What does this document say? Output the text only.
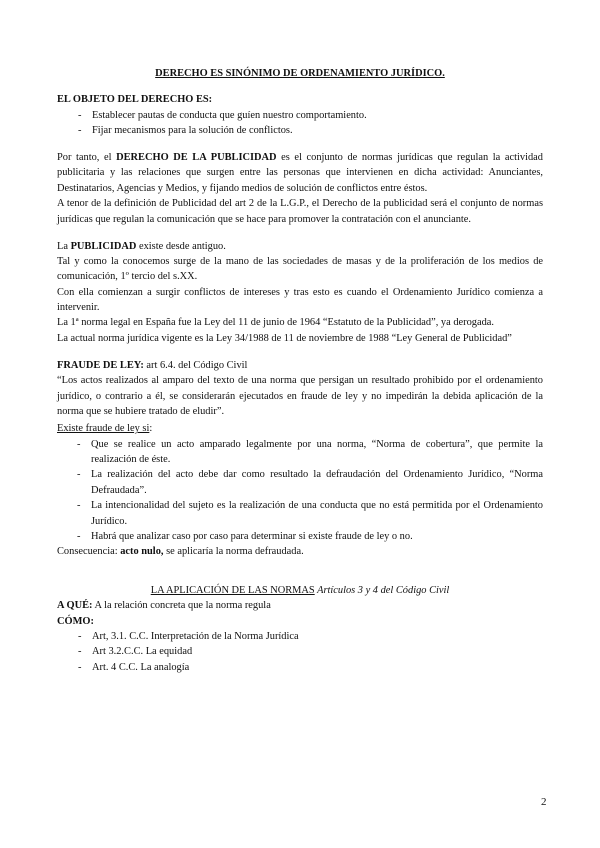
DERECHO ES SINÓNIMO DE ORDENAMIENTO JURÍDICO.

EL OBJETO DEL DERECHO ES:

- Establecer pautas de conducta que guíen nuestro comportamiento.
- Fijar mecanismos para la solución de conflictos.

Por tanto, el DERECHO DE LA PUBLICIDAD es el conjunto de normas jurídicas que regulan la actividad publicitaria y las relaciones que surgen entre las personas que intervienen en dicha actividad: Anunciantes, Destinatarios, Agencias y Medios, y fijando medios de solución de conflictos entre éstos.

A tenor de la definición de Publicidad del art 2 de la L.G.P., el Derecho de la publicidad será el conjunto de normas jurídicas que regulan la comunicación que se hace para promover la contratación con el anunciante.

La PUBLICIDAD existe desde antiguo.

Tal y como la conocemos surge de la mano de las sociedades de masas y de la proliferación de los medios de comunicación, 1º tercio del s.XX.

Con ella comienzan a surgir conflictos de intereses y tras esto es cuando el Ordenamiento Jurídico comienza a intervenir.

La 1ª norma legal en España fue la Ley del 11 de junio de 1964 “Estatuto de la Publicidad”, ya derogada.

La actual norma jurídica vigente es la Ley 34/1988 de 11 de noviembre de 1988 “Ley General de Publicidad”

FRAUDE DE LEY: art 6.4. del Código Civil

“Los actos realizados al amparo del texto de una norma que persigan un resultado prohibido por el ordenamiento jurídico, o contrario a él, se considerarán ejecutados en fraude de ley y no impedirán la debida aplicación de la norma que se hubiere tratado de eludir”.

Existe fraude de ley si:

- Que se realice un acto amparado legalmente por una norma, “Norma de cobertura”, que permite la realización de éste.
- La realización del acto debe dar como resultado la defraudación del Ordenamiento Jurídico, “Norma Defraudada”.
- La intencionalidad del sujeto es la realización de una conducta que no está permitida por el Ordenamiento Jurídico.
- Habrá que analizar caso por caso para determinar si existe fraude de ley o no.

Consecuencia: acto nulo, se aplicaría la norma defraudada.

LA APLICACIÓN DE LAS NORMAS Artículos 3 y 4 del Código Civil

A QUÉ: A la relación concreta que la norma regula

CÓMO:

- Art, 3.1. C.C. Interpretación de la Norma Jurídica
- Art 3.2.C.C. La equidad
- Art. 4 C.C. La analogía
2
